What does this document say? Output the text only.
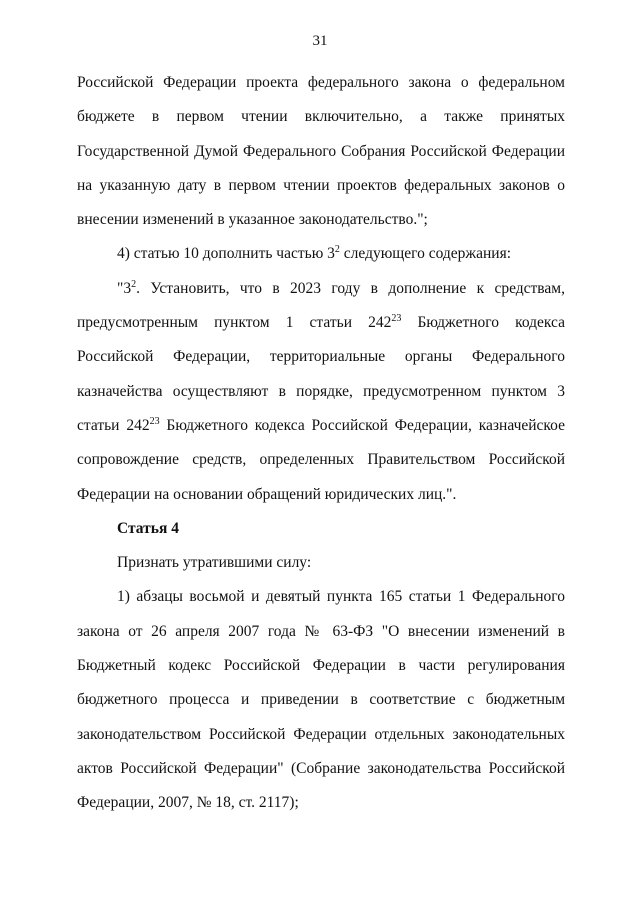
31

Российской Федерации проекта федерального закона о федеральном бюджете в первом чтении включительно, а также принятых Государственной Думой Федерального Собрания Российской Федерации на указанную дату в первом чтении проектов федеральных законов о внесении изменений в указанное законодательство.";

4) статью 10 дополнить частью $3^2$ следующего содержания:

"$3^2$. Установить, что в 2023 году в дополнение к средствам, предусмотренным пунктом 1 статьи $242^{23}$ Бюджетного кодекса Российской Федерации, территориальные органы Федерального казначейства осуществляют в порядке, предусмотренном пунктом 3 статьи $242^{23}$ Бюджетного кодекса Российской Федерации, казначейское сопровождение средств, определенных Правительством Российской Федерации на основании обращений юридических лиц.".

Статья 4

Признать утратившими силу:

1) абзацы восьмой и девятый пункта 165 статьи 1 Федерального закона от 26 апреля 2007 года № 63-ФЗ "О внесении изменений в Бюджетный кодекс Российской Федерации в части регулирования бюджетного процесса и приведении в соответствие с бюджетным законодательством Российской Федерации отдельных законодательных актов Российской Федерации" (Собрание законодательства Российской Федерации, 2007, № 18, ст. 2117);
